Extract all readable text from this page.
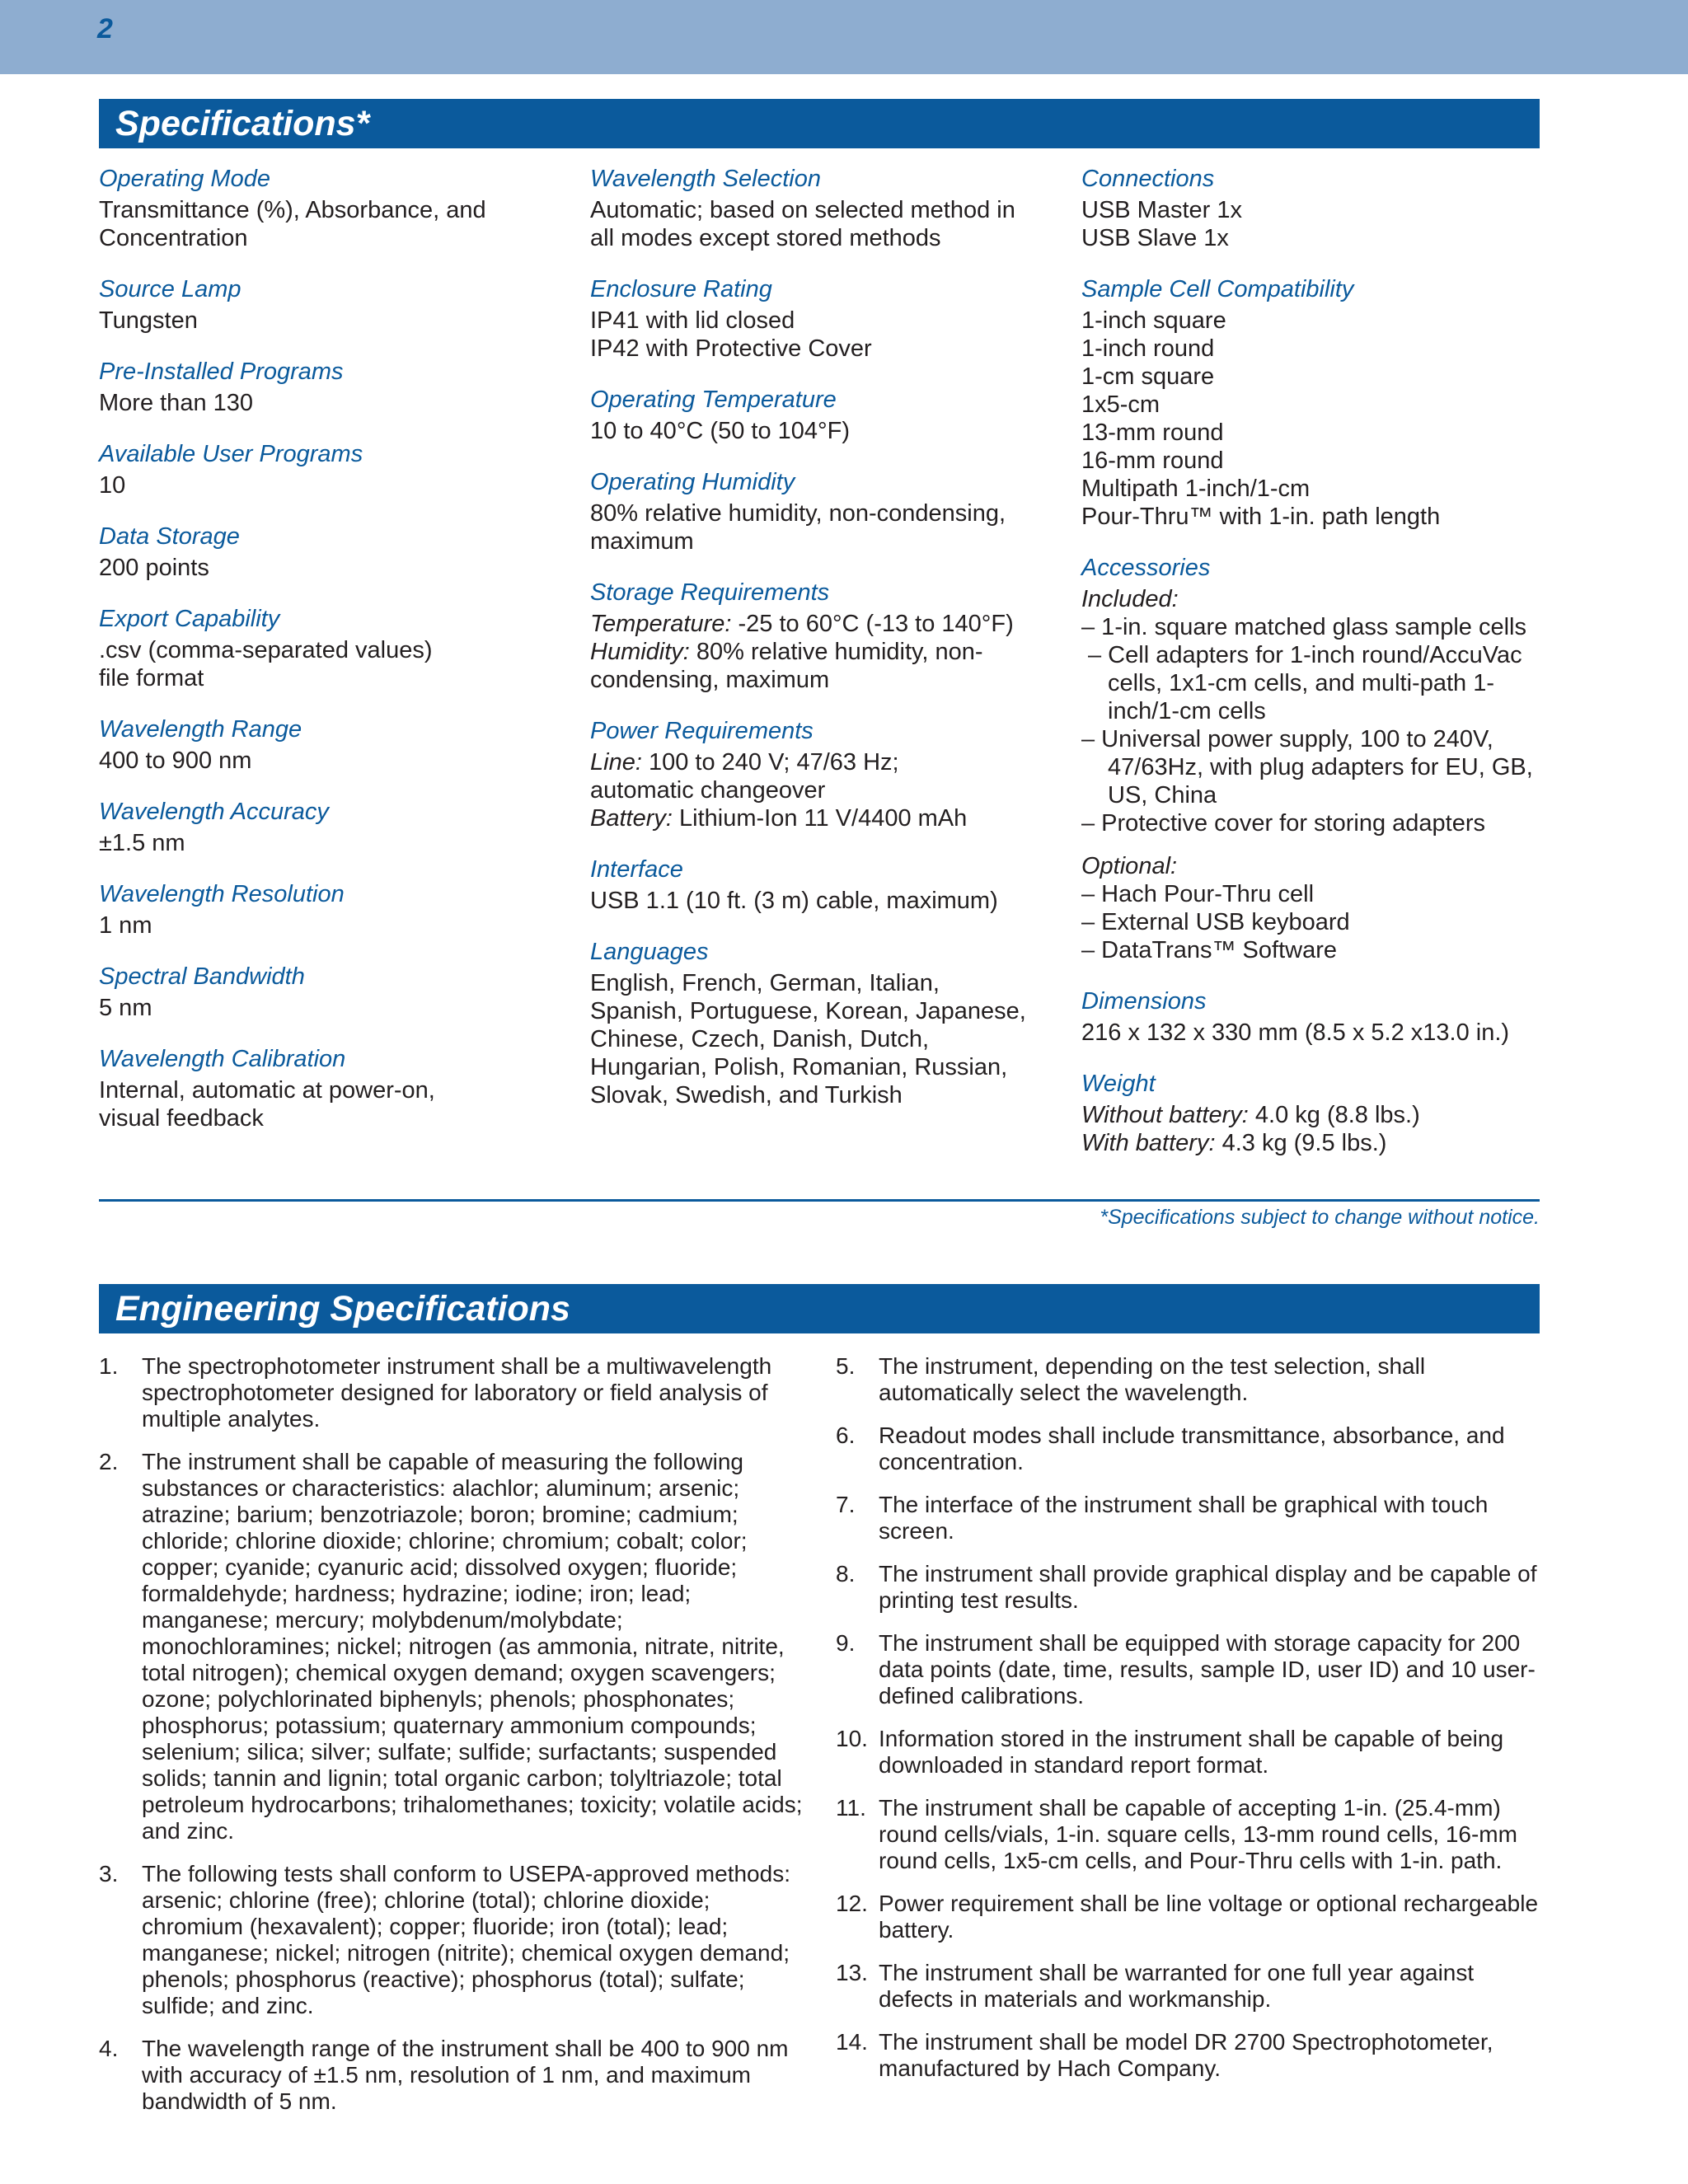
2
Specifications*
Operating Mode
Transmittance (%), Absorbance, and
Concentration
Source Lamp
Tungsten
Pre-Installed Programs
More than 130
Available User Programs
10
Data Storage
200 points
Export Capability
.csv (comma-separated values)
file format
Wavelength Range
400 to 900 nm
Wavelength Accuracy
±1.5 nm
Wavelength Resolution
1 nm
Spectral Bandwidth
5 nm
Wavelength Calibration
Internal, automatic at power-on,
visual feedback
Wavelength Selection
Automatic; based on selected method in
all modes except stored methods
Enclosure Rating
IP41 with lid closed
IP42 with Protective Cover
Operating Temperature
10 to 40°C (50 to 104°F)
Operating Humidity
80% relative humidity, non-condensing,
maximum
Storage Requirements
Temperature: -25 to 60°C (-13 to 140°F)
Humidity: 80% relative humidity, non-
condensing, maximum
Power Requirements
Line: 100 to 240 V; 47/63 Hz;
automatic changeover
Battery: Lithium-Ion 11 V/4400 mAh
Interface
USB 1.1 (10 ft. (3 m) cable, maximum)
Languages
English, French, German, Italian,
Spanish, Portuguese, Korean, Japanese,
Chinese, Czech, Danish, Dutch,
Hungarian, Polish, Romanian, Russian,
Slovak, Swedish, and Turkish
Connections
USB Master 1x
USB Slave 1x
Sample Cell Compatibility
1-inch square
1-inch round
1-cm square
1x5-cm
13-mm round
16-mm round
Multipath 1-inch/1-cm
Pour-Thru™ with 1-in. path length
Accessories
Included:
– 1-in. square matched glass sample cells
– Cell adapters for 1-inch round/AccuVac cells, 1x1-cm cells, and multi-path 1-inch/1-cm cells
– Universal power supply, 100 to 240V, 47/63Hz, with plug adapters for EU, GB, US, China
– Protective cover for storing adapters
Optional:
– Hach Pour-Thru cell
– External USB keyboard
– DataTrans™ Software
Dimensions
216 x 132 x 330 mm (8.5 x 5.2 x13.0 in.)
Weight
Without battery: 4.0 kg (8.8 lbs.)
With battery: 4.3 kg (9.5 lbs.)
*Specifications subject to change without notice.
Engineering Specifications
1.	The spectrophotometer instrument shall be a multiwavelength spectrophotometer designed for laboratory or field analysis of multiple analytes.
2.	The instrument shall be capable of measuring the following substances or characteristics: alachlor; aluminum; arsenic; atrazine; barium; benzotriazole; boron; bromine; cadmium; chloride; chlorine dioxide; chlorine; chromium; cobalt; color; copper; cyanide; cyanuric acid; dissolved oxygen; fluoride; formaldehyde; hardness; hydrazine; iodine; iron; lead; manganese; mercury; molybdenum/molybdate; monochloramines; nickel; nitrogen (as ammonia, nitrate, nitrite, total nitrogen); chemical oxygen demand; oxygen scavengers; ozone; polychlorinated biphenyls; phenols; phosphonates; phosphorus; potassium; quaternary ammonium compounds; selenium; silica; silver; sulfate; sulfide; surfactants; suspended solids; tannin and lignin; total organic carbon; tolyltriazole; total petroleum hydrocarbons; trihalomethanes; toxicity; volatile acids; and zinc.
3.	The following tests shall conform to USEPA-approved methods: arsenic; chlorine (free); chlorine (total); chlorine dioxide; chromium (hexavalent); copper; fluoride; iron (total); lead; manganese; nickel; nitrogen (nitrite); chemical oxygen demand; phenols; phosphorus (reactive); phosphorus (total); sulfate; sulfide; and zinc.
4.	The wavelength range of the instrument shall be 400 to 900 nm with accuracy of ±1.5 nm, resolution of 1 nm, and maximum bandwidth of 5 nm.
5.	The instrument, depending on the test selection, shall automatically select the wavelength.
6.	Readout modes shall include transmittance, absorbance, and concentration.
7.	The interface of the instrument shall be graphical with touch screen.
8.	The instrument shall provide graphical display and be capable of printing test results.
9.	The instrument shall be equipped with storage capacity for 200 data points (date, time, results, sample ID, user ID) and 10 user-defined calibrations.
10. Information stored in the instrument shall be capable of being downloaded in standard report format.
11. The instrument shall be capable of accepting 1-in. (25.4-mm) round cells/vials, 1-in. square cells, 13-mm round cells, 16-mm round cells, 1x5-cm cells, and Pour-Thru cells with 1-in. path.
12. Power requirement shall be line voltage or optional rechargeable battery.
13. The instrument shall be warranted for one full year against defects in materials and workmanship.
14. The instrument shall be model DR 2700 Spectrophotometer, manufactured by Hach Company.
